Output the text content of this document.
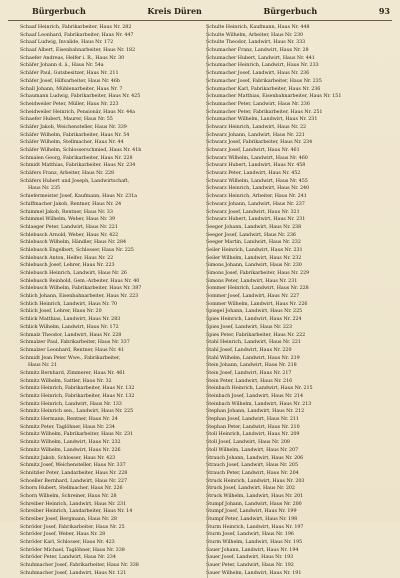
Bürgerbuch	Kreis Düren	Bürgerbuch	93
Schaaf Heinrich, Fabrikarbeiter, Haus Nr. 282
Schaaf Leonhard, Fabrikarbeiter, Haus Nr. 447
Schaaf Ludwig, Invalide, Haus Nr. 172
Schaaf Albert, Eisenbahnarbeiter, Haus Nr. 182
Schaefer Andreas, Helfer i. R., Haus Nr. 30
Schäfer Johann d. ä., Haus Nr. 54a
Schäfer Paul, Gutsbesitzer, Haus Nr. 211
Schäfer Josef, Hilfsarbeiter, Haus Nr. 46b
Schall Johann, Mühlenarbeiter, Haus Nr. 7
Schaumann Ludwig, Fabrikarbeiter, Haus Nr. 425
Scheidweiler Peter, Müller, Haus Nr. 223
Scheidweiler Heinrich, Pensionär, Haus Nr. 44a
Schaefer Hubert, Maurer, Haus Nr. 55
Schäfer Jakob, Weichensteller, Haus Nr. 339
Schäfer Wilhelm, Fabrikarbeiter, Haus Nr. 54
Schäfer Wilhelm, Stellmacher, Haus Nr. 44
Schäfer Wilhelm, Schlosserschmied, Haus Nr. 41b
Schmalen Georg, Fabrikarbeiter, Haus Nr. 228
Schmidt Matthias, Fabrikarbeiter, Haus Nr. 234
Schäfers Franz, Arbeiter, Haus Nr. 228
Schäfers Hubert und Joseph, Landwirtschaft,
Haus Nr. 235
Schiefermeister Josef, Kaufmann, Haus Nr. 231a
Schiffmacher Jakob, Rentner, Haus Nr. 24
Schimmel Jakob, Rentner, Haus Nr. 33
Schimmel Wilhelm, Weber, Haus Nr. 39
Schlaeger Peter, Landwirt, Haus Nr. 221
Schlebusch Arnold, Weber, Haus Nr. 422
Schlebusch Wilhelm, Händler, Haus Nr. 284
Schlebusch Engelbert, Schlosser, Haus Nr. 225
Schlebusch Anton, Helfer, Haus Nr. 22
Schlebusch Josef, Lehrer, Haus Nr. 223
Schlebusch Heinrich, Landwirt, Haus Nr. 26
Schlebusch Reinhold, Gem.-Arbeiter, Haus Nr. 40
Schlebusch Wilhelm, Fabrikarbeiter, Haus Nr. 387
Schlich Johann, Eisenbahnarbeiter, Haus Nr. 223
Schlich Heinrich, Landwirt, Haus Nr. 70
Schlich Josef, Lehrer, Haus Nr. 20
Schlick Matthias, Landwirt, Haus Nr. 283
Schlick Wilhelm, Landwirt, Haus Nr. 172
Schmalz Theodor, Landwirt, Haus Nr. 228
Schmalzer Paul, Fabrikarbeiter, Haus Nr. 337
Schmalzer Leonhard, Rentner, Haus Nr. 41
Schmidt Jean Peter Wwe., Fabrikarbeiter,
Haus Nr. 21
Schmitz Bernhard, Zimmerer, Haus Nr. 461
Schmitz Wilhelm, Sattler, Haus Nr. 32
Schmitz Heinrich, Fabrikarbeiter, Haus Nr. 132
Schmitz Heinrich, Fabrikarbeiter, Haus Nr. 132
Schmitz Heinrich, Landwirt, Haus Nr. 133
Schmitz Heinrich sen., Landwirt, Haus Nr. 225
Schmitz Hermann, Rentner, Haus Nr. 24
Schmitz Peter, Taglöhner, Haus Nr. 234
Schmitz Wilhelm, Fabrikarbeiter, Haus Nr. 231
Schmitz Wilhelm, Landwirt, Haus Nr. 232
Schmitz Wilhelm, Landwirt, Haus Nr. 226
Schmitz Jakob, Schlosser, Haus Nr. 423
Schmitz Josef, Weichensteller, Haus Nr. 337
Schnitzler Peter, Landarbeiter, Haus Nr. 228
Schoeller Bernhard, Landwirt, Haus Nr. 227
Schorn Hubert, Stellmacher, Haus Nr. 226
Schorn Wilhelm, Schreiner, Haus Nr. 28
Schreiber Heinrich, Landwirt, Haus Nr. 231
Schreiber Heinrich, Landarbeiter, Haus Nr. 14
Schreiber Josef, Bergmann, Haus Nr. 28
Schröder Josef, Fabrikarbeiter, Haus Nr. 25
Schröder Josef, Weber, Haus Nr. 28
Schröder Karl, Schlosser, Haus Nr. 423
Schröder Michael, Taglöhner, Haus Nr. 338
Schröder Peter, Landwirt, Haus Nr. 234
Schuhmacher Josef, Fabrikarbeiter, Haus Nr. 338
Schuhmacher Josef, Landwirt, Haus Nr. 121
Schulte Heinrich, Kaufmann, Haus Nr. 448
Schulte Wilhelm, Arbeiter, Haus Nr. 230
Schulte Theodor, Landwirt, Haus Nr. 333
Schumacher Franz, Landwirt, Haus Nr. 28
Schumacher Hubert, Landwirt, Haus Nr. 441
Schumacher Heinrich, Landwirt, Haus Nr. 233
Schumacher Josef, Landwirt, Haus Nr. 236
Schumacher Josef, Fabrikarbeiter, Haus Nr. 235
Schumacher Karl, Fabrikarbeiter, Haus Nr. 236
Schumacher Matthias, Eisenbahnarbeiter, Haus Nr. 151
Schumacher Peter, Landwirt, Haus Nr. 236
Schumacher Peter, Fabrikarbeiter, Haus Nr. 251
Schumacher Wilhelm, Landwirt, Haus Nr. 231
Schwarz Heinrich, Landwirt, Haus Nr. 22
Schwarz Johann, Landwirt, Haus Nr. 221
Schwarz Josef, Fabrikarbeiter, Haus Nr. 234
Schwarz Josef, Landwirt, Haus Nr. 461
Schwarz Wilhelm, Landwirt, Haus Nr. 460
Schwarz Hubert, Landwirt, Haus Nr. 458
Schwarz Peter, Landwirt, Haus Nr. 452
Schwarz Wilhelm, Landwirt, Haus Nr. 455
Schwarz Heinrich, Landwirt, Haus Nr. 240
Schwarz Heinrich, Arbeiter, Haus Nr. 241
Schwarz Johann, Landwirt, Haus Nr. 237
Schwarz Josef, Landwirt, Haus Nr. 321
Schwarz Hubert, Landwirt, Haus Nr. 231
Seeger Johann, Landwirt, Haus Nr. 238
Seeger Josef, Landwirt, Haus Nr. 236
Seeger Martin, Landwirt, Haus Nr. 232
Seiler Heinrich, Landwirt, Haus Nr. 231
Seiler Wilhelm, Landwirt, Haus Nr. 232
Simons Johann, Landwirt, Haus Nr. 230
Simons Josef, Fabrikarbeiter, Haus Nr. 229
Simons Peter, Landwirt, Haus Nr. 231
Sommer Heinrich, Landwirt, Haus Nr. 228
Sommer Josef, Landwirt, Haus Nr. 227
Sommer Wilhelm, Landwirt, Haus Nr. 226
Spiegel Johann, Landwirt, Haus Nr. 225
Spies Heinrich, Landwirt, Haus Nr. 224
Spies Josef, Landwirt, Haus Nr. 223
Spies Peter, Fabrikarbeiter, Haus Nr. 222
Stahl Heinrich, Landwirt, Haus Nr. 221
Stahl Josef, Landwirt, Haus Nr. 220
Stahl Wilhelm, Landwirt, Haus Nr. 219
Stein Johann, Landwirt, Haus Nr. 218
Stein Josef, Landwirt, Haus Nr. 217
Stein Peter, Landwirt, Haus Nr. 216
Steinbach Heinrich, Landwirt, Haus Nr. 215
Steinbach Josef, Landwirt, Haus Nr. 214
Steinbach Wilhelm, Landwirt, Haus Nr. 213
Stephan Johann, Landwirt, Haus Nr. 212
Stephan Josef, Landwirt, Haus Nr. 211
Stephan Peter, Landwirt, Haus Nr. 210
Stoll Heinrich, Landwirt, Haus Nr. 209
Stoll Josef, Landwirt, Haus Nr. 208
Stoll Wilhelm, Landwirt, Haus Nr. 207
Strauch Johann, Landwirt, Haus Nr. 206
Strauch Josef, Landwirt, Haus Nr. 205
Strauch Peter, Landwirt, Haus Nr. 204
Struck Heinrich, Landwirt, Haus Nr. 203
Struck Josef, Landwirt, Haus Nr. 202
Struck Wilhelm, Landwirt, Haus Nr. 201
Stumpf Johann, Landwirt, Haus Nr. 200
Stumpf Josef, Landwirt, Haus Nr. 199
Stumpf Peter, Landwirt, Haus Nr. 198
Sturm Heinrich, Landwirt, Haus Nr. 197
Sturm Josef, Landwirt, Haus Nr. 196
Sturm Wilhelm, Landwirt, Haus Nr. 195
Sauer Johann, Landwirt, Haus Nr. 194
Sauer Josef, Landwirt, Haus Nr. 193
Sauer Peter, Landwirt, Haus Nr. 192
Sauer Wilhelm, Landwirt, Haus Nr. 191
